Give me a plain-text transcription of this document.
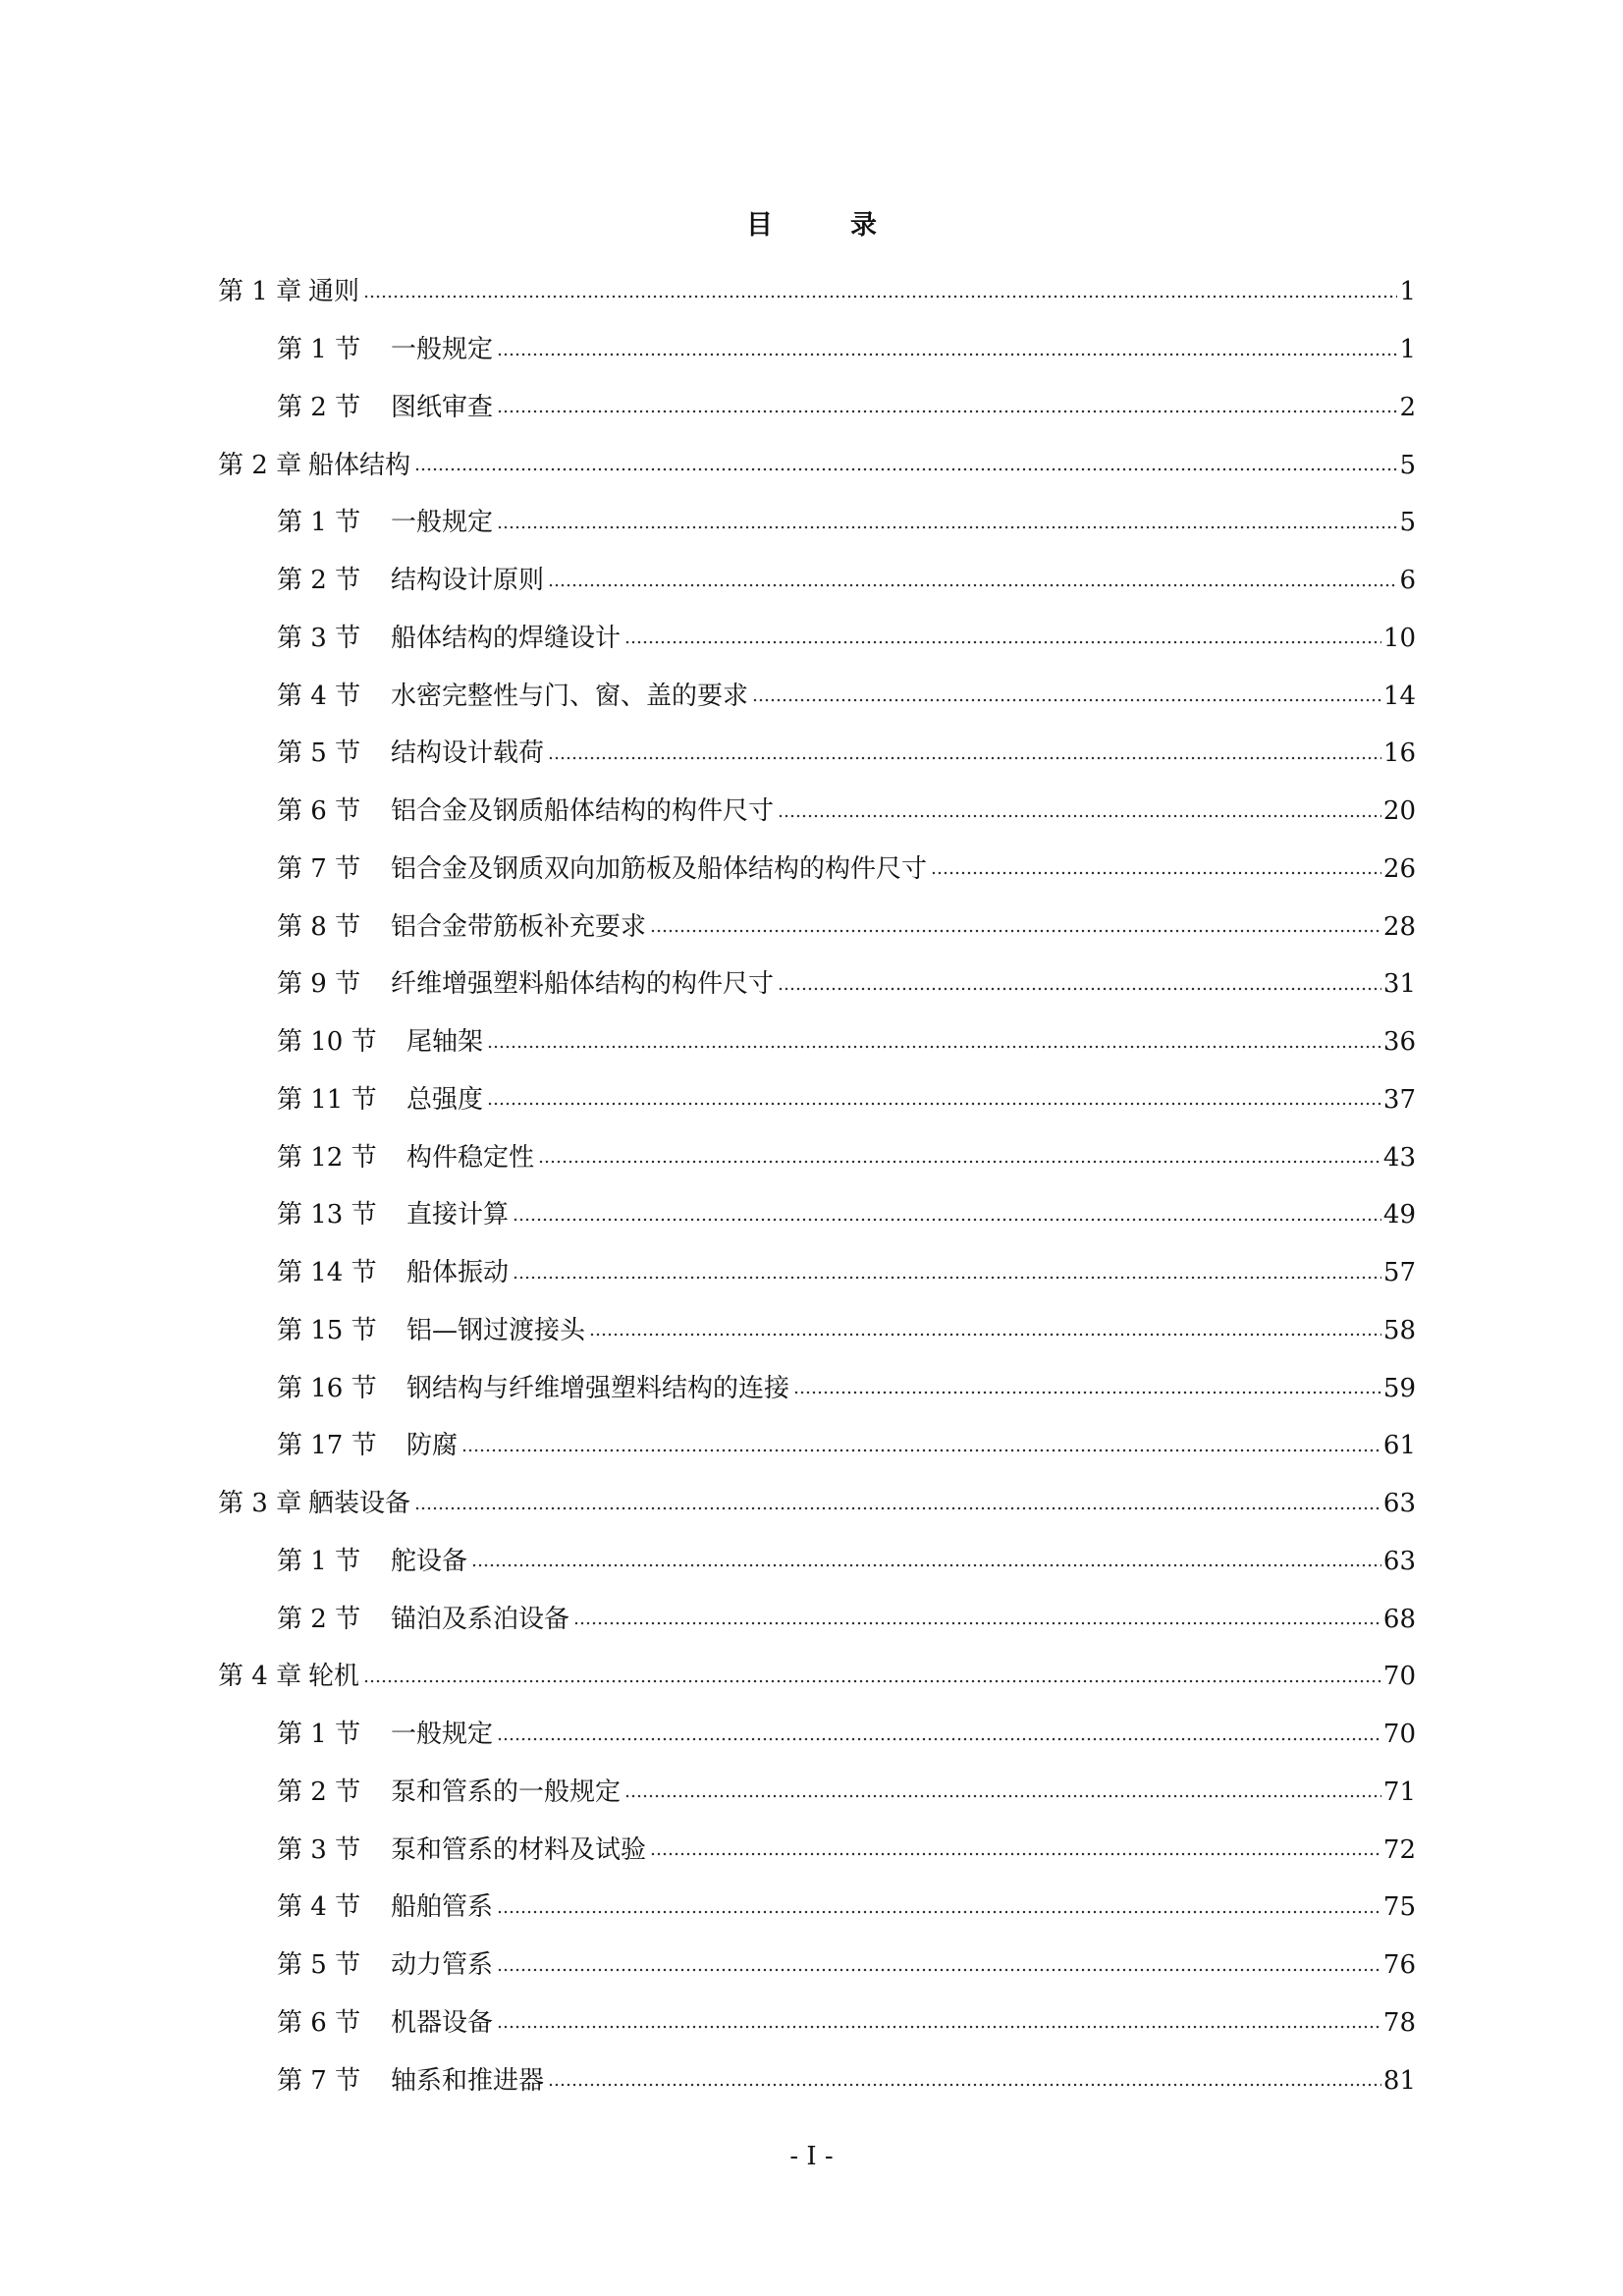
目　录
第 1 章 通则	1
第 1 节	一般规定	1
第 2 节	图纸审查	2
第 2 章 船体结构	5
第 1 节	一般规定	5
第 2 节	结构设计原则	6
第 3 节	船体结构的焊缝设计	10
第 4 节	水密完整性与门、窗、盖的要求	14
第 5 节	结构设计载荷	16
第 6 节	铝合金及钢质船体结构的构件尺寸	20
第 7 节	铝合金及钢质双向加筋板及船体结构的构件尺寸	26
第 8 节	铝合金带筋板补充要求	28
第 9 节	纤维增强塑料船体结构的构件尺寸	31
第 10 节	尾轴架	36
第 11 节	总强度	37
第 12 节	构件稳定性	43
第 13 节	直接计算	49
第 14 节	船体振动	57
第 15 节	铝—钢过渡接头	58
第 16 节	钢结构与纤维增强塑料结构的连接	59
第 17 节	防腐	61
第 3 章 舾装设备	63
第 1 节	舵设备	63
第 2 节	锚泊及系泊设备	68
第 4 章 轮机	70
第 1 节	一般规定	70
第 2 节	泵和管系的一般规定	71
第 3 节	泵和管系的材料及试验	72
第 4 节	船舶管系	75
第 5 节	动力管系	76
第 6 节	机器设备	78
第 7 节	轴系和推进器	81
- I -
